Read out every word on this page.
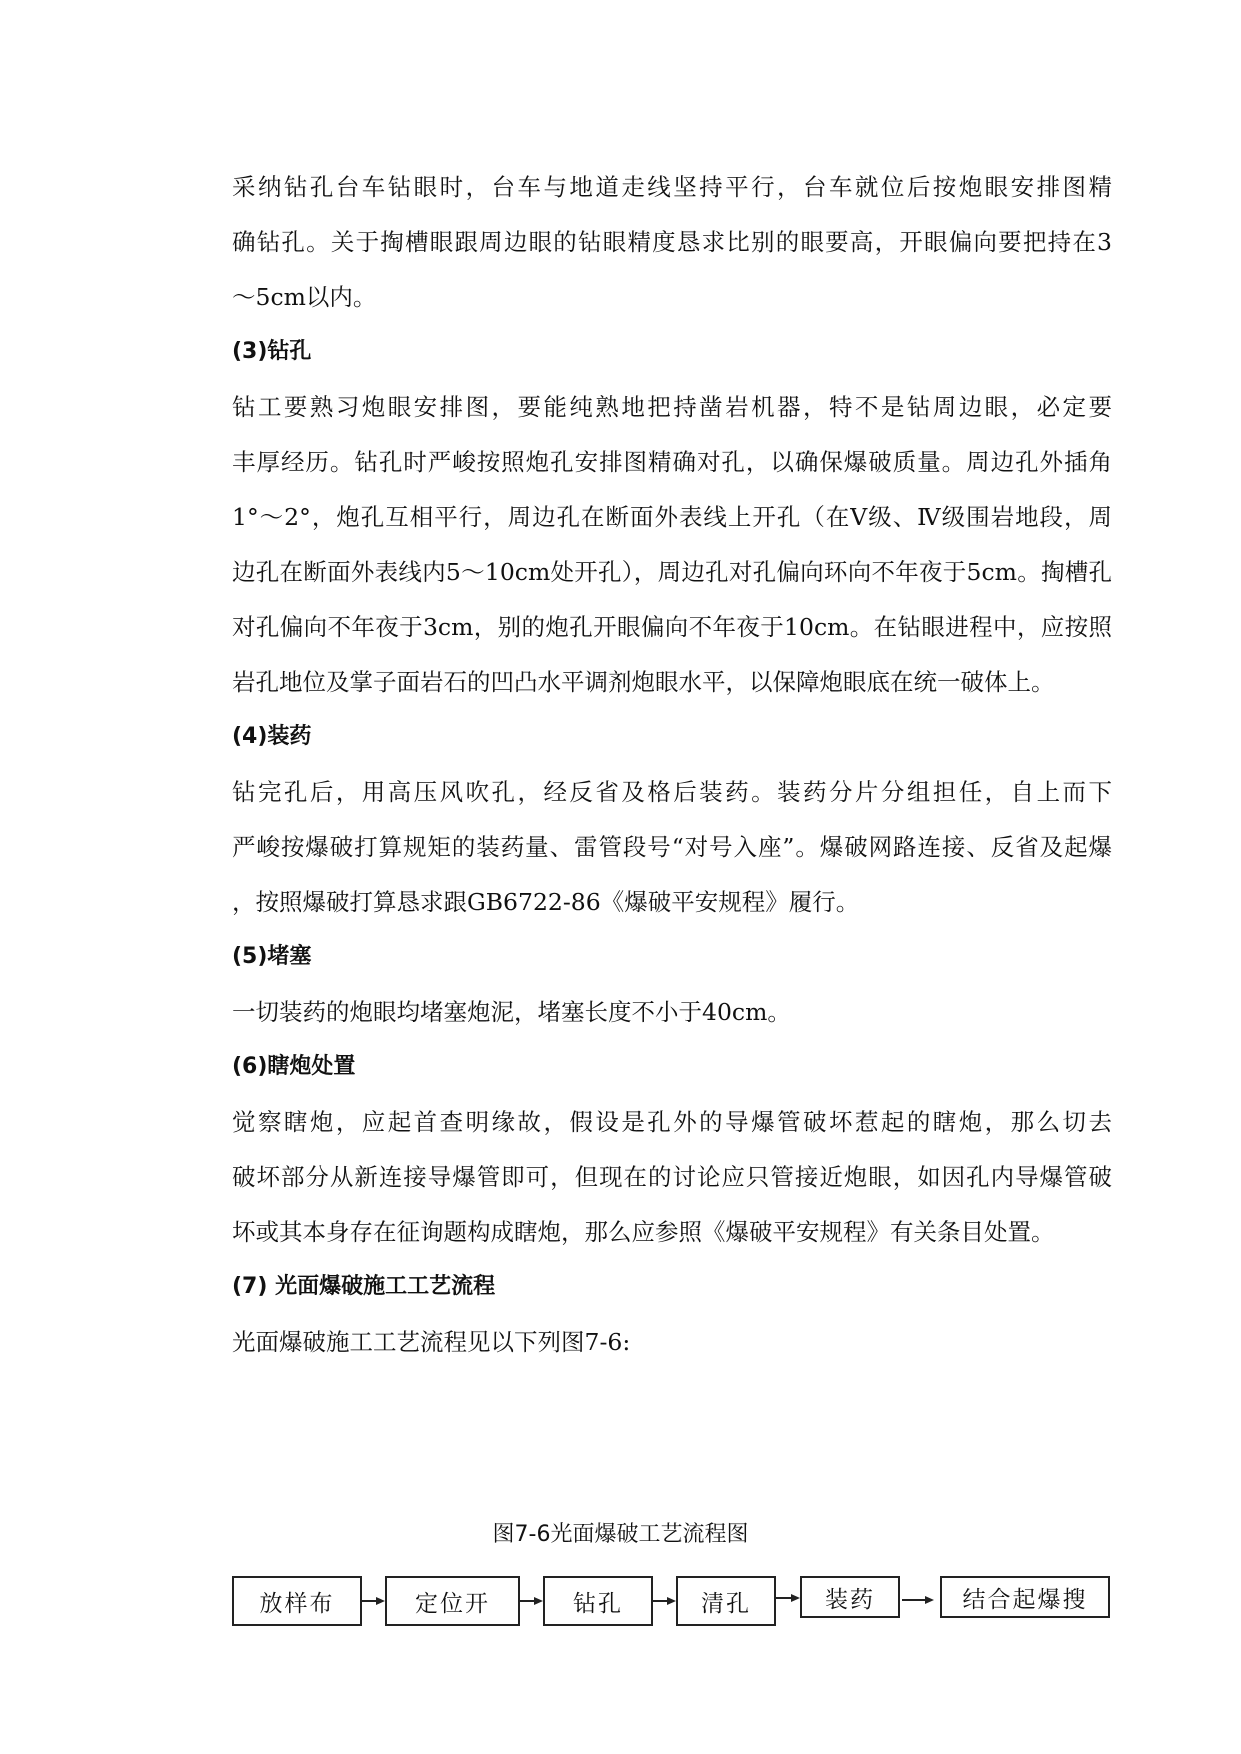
采纳钻孔台车钻眼时，台车与地道走线坚持平行，台车就位后按炮眼安排图精
确钻孔。关于掏槽眼跟周边眼的钻眼精度恳求比别的眼要高，开眼偏向要把持在3
～5cm以内。
(3)钻孔
钻工要熟习炮眼安排图，要能纯熟地把持凿岩机器，特不是钻周边眼，必定要
丰厚经历。钻孔时严峻按照炮孔安排图精确对孔，以确保爆破质量。周边孔外插角
1°～2°，炮孔互相平行，周边孔在断面外表线上开孔（在Ⅴ级、Ⅳ级围岩地段，周
边孔在断面外表线内5～10cm处开孔），周边孔对孔偏向环向不年夜于5cm。掏槽孔
对孔偏向不年夜于3cm，别的炮孔开眼偏向不年夜于10cm。在钻眼进程中，应按照
岩孔地位及掌子面岩石的凹凸水平调剂炮眼水平，以保障炮眼底在统一破体上。
(4)装药
钻完孔后，用高压风吹孔，经反省及格后装药。装药分片分组担任，自上而下
严峻按爆破打算规矩的装药量、雷管段号“对号入座”。爆破网路连接、反省及起爆
，按照爆破打算恳求跟GB6722-86《爆破平安规程》履行。
(5)堵塞
一切装药的炮眼均堵塞炮泥，堵塞长度不小于40cm。
(6)瞎炮处置
觉察瞎炮，应起首查明缘故，假设是孔外的导爆管破坏惹起的瞎炮，那么切去
破坏部分从新连接导爆管即可，但现在的讨论应只管接近炮眼，如因孔内导爆管破
坏或其本身存在征询题构成瞎炮，那么应参照《爆破平安规程》有关条目处置。
(7) 光面爆破施工工艺流程
光面爆破施工工艺流程见以下列图7-6:
图7-6光面爆破工艺流程图
放样布	定位开	钻孔	清孔	装药	结合起爆搜
